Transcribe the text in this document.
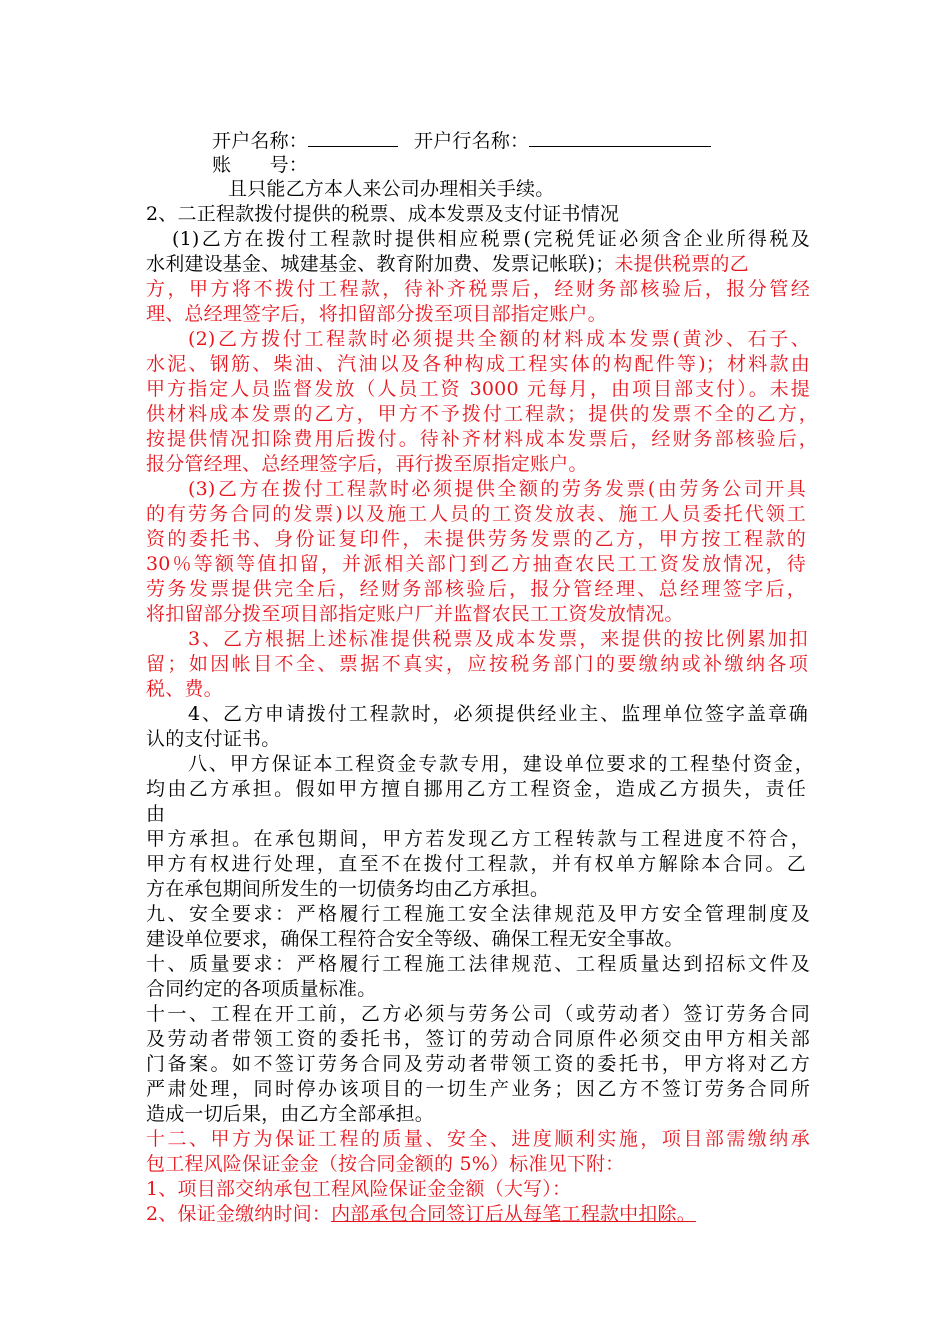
开户名称：	开户行名称：
账　　号：
且只能乙方本人来公司办理相关手续。
2、二正程款拨付提供的税票、成本发票及支付证书情况
(1)乙方在拨付工程款时提供相应税票(完税凭证必须含企业所得税及
水利建设基金、城建基金、教育附加费、发票记帐联)；未提供税票的乙
方，甲方将不拨付工程款，待补齐税票后，经财务部核验后，报分管经
理、总经理签字后，将扣留部分拨至项目部指定账户。
(2)乙方拨付工程款时必须提共全额的材料成本发票(黄沙、石子、
水泥、钢筋、柴油、汽油以及各种构成工程实体的构配件等)；材料款由
甲方指定人员监督发放（人员工资 3000 元每月，由项目部支付）。未提
供材料成本发票的乙方，甲方不予拨付工程款；提供的发票不全的乙方，
按提供情况扣除费用后拨付。待补齐材料成本发票后，经财务部核验后，
报分管经理、总经理签字后，再行拨至原指定账户。
(3)乙方在拨付工程款时必须提供全额的劳务发票(由劳务公司开具
的有劳务合同的发票)以及施工人员的工资发放表、施工人员委托代领工
资的委托书、身份证复印件，未提供劳务发票的乙方，甲方按工程款的
30％等额等值扣留，并派相关部门到乙方抽查农民工工资发放情况，待
劳务发票提供完全后，经财务部核验后，报分管经理、总经理签字后，
将扣留部分拨至项目部指定账户厂并监督农民工工资发放情况。
3、乙方根据上述标准提供税票及成本发票，来提供的按比例累加扣
留；如因帐目不全、票据不真实，应按税务部门的要缴纳或补缴纳各项
税、费。
4、乙方申请拨付工程款时，必须提供经业主、监理单位签字盖章确
认的支付证书。
八、甲方保证本工程资金专款专用，建设单位要求的工程垫付资金，
均由乙方承担。假如甲方擅自挪用乙方工程资金，造成乙方损失，责任
由
甲方承担。在承包期间，甲方若发现乙方工程转款与工程进度不符合，
甲方有权进行处理，直至不在拨付工程款，并有权单方解除本合同。乙
方在承包期间所发生的一切债务均由乙方承担。
九、安全要求：严格履行工程施工安全法律规范及甲方安全管理制度及
建设单位要求，确保工程符合安全等级、确保工程无安全事故。
十、质量要求：严格履行工程施工法律规范、工程质量达到招标文件及
合同约定的各项质量标准。
十一、工程在开工前，乙方必须与劳务公司（或劳动者）签订劳务合同
及劳动者带领工资的委托书，签订的劳动合同原件必须交由甲方相关部
门备案。如不签订劳务合同及劳动者带领工资的委托书，甲方将对乙方
严肃处理，同时停办该项目的一切生产业务；因乙方不签订劳务合同所
造成一切后果，由乙方全部承担。
十二、甲方为保证工程的质量、安全、进度顺利实施，项目部需缴纳承
包工程风险保证金金（按合同金额的 5%）标准见下附：
1、项目部交纳承包工程风险保证金金额（大写）：
2、保证金缴纳时间：内部承包合同签订后从每笔工程款中扣除。
